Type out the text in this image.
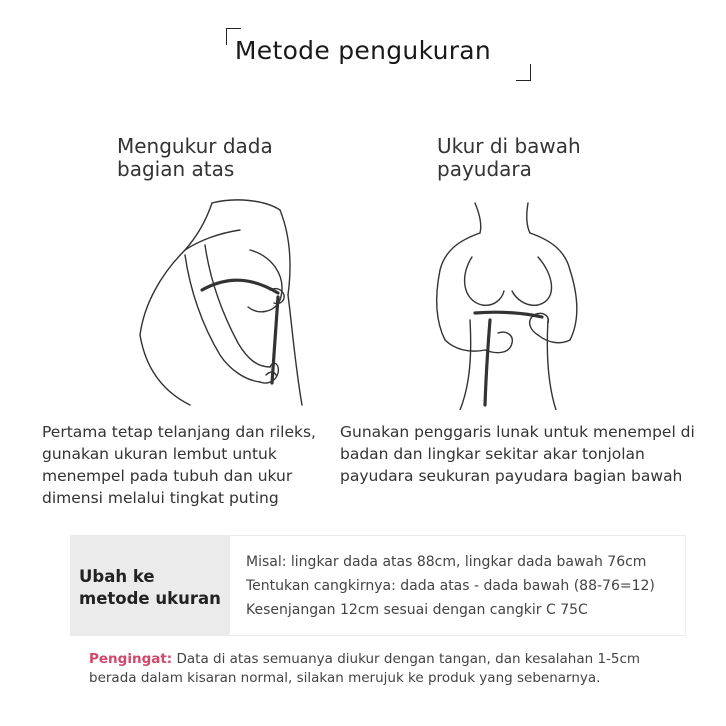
Metode pengukuran
Mengukur dada
bagian atas
Ukur di bawah
payudara
Pertama tetap telanjang dan rileks, gunakan ukuran lembut untuk menempel pada tubuh dan ukur dimensi melalui tingkat puting
Gunakan penggaris lunak untuk menempel di badan dan lingkar sekitar akar tonjolan payudara seukuran payudara bagian bawah
Ubah ke metode ukuran
Misal: lingkar dada atas 88cm, lingkar dada bawah 76cm
Tentukan cangkirnya: dada atas - dada bawah (88-76=12)
Kesenjangan 12cm sesuai dengan cangkir C 75C
Pengingat: Data di atas semuanya diukur dengan tangan, dan kesalahan 1-5cm berada dalam kisaran normal, silakan merujuk ke produk yang sebenarnya.
